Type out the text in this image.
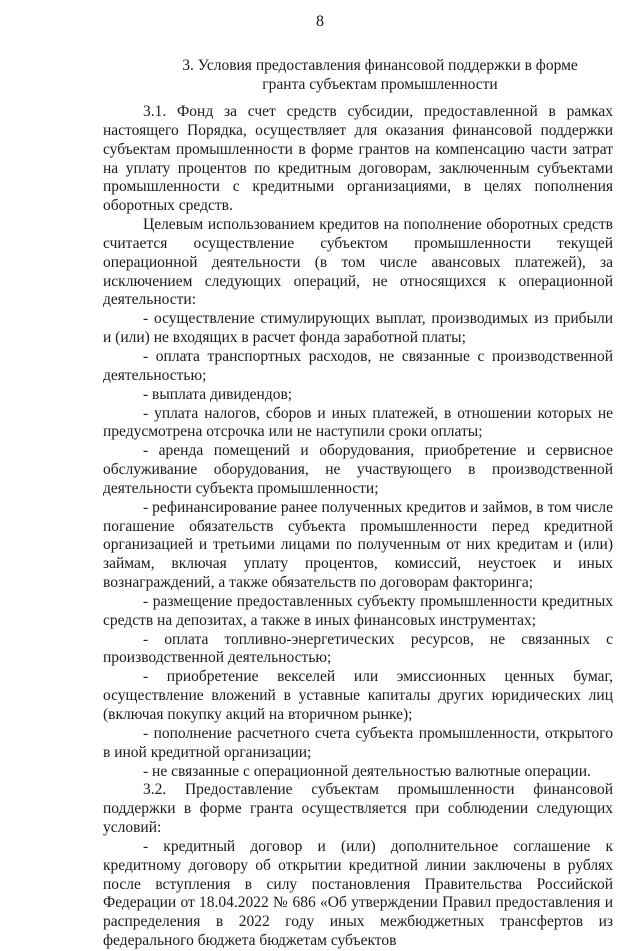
8
3. Условия предоставления финансовой поддержки в форме гранта субъектам промышленности

3.1. Фонд за счет средств субсидии, предоставленной в рамках настоящего Порядка, осуществляет для оказания финансовой поддержки субъектам промышленности в форме грантов на компенсацию части затрат на уплату процентов по кредитным договорам, заключенным субъектами промышленности с кредитными организациями, в целях пополнения оборотных средств.

Целевым использованием кредитов на пополнение оборотных средств считается осуществление субъектом промышленности текущей операционной деятельности (в том числе авансовых платежей), за исключением следующих операций, не относящихся к операционной деятельности:

- осуществление стимулирующих выплат, производимых из прибыли и (или) не входящих в расчет фонда заработной платы;

- оплата транспортных расходов, не связанные с производственной деятельностью;

- выплата дивидендов;

- уплата налогов, сборов и иных платежей, в отношении которых не предусмотрена отсрочка или не наступили сроки оплаты;

- аренда помещений и оборудования, приобретение и сервисное обслуживание оборудования, не участвующего в производственной деятельности субъекта промышленности;

- рефинансирование ранее полученных кредитов и займов, в том числе погашение обязательств субъекта промышленности перед кредитной организацией и третьими лицами по полученным от них кредитам и (или) займам, включая уплату процентов, комиссий, неустоек и иных вознаграждений, а также обязательств по договорам факторинга;

- размещение предоставленных субъекту промышленности кредитных средств на депозитах, а также в иных финансовых инструментах;

- оплата топливно-энергетических ресурсов, не связанных с производственной деятельностью;

- приобретение векселей или эмиссионных ценных бумаг, осуществление вложений в уставные капиталы других юридических лиц (включая покупку акций на вторичном рынке);

- пополнение расчетного счета субъекта промышленности, открытого в иной кредитной организации;

- не связанные с операционной деятельностью валютные операции.

3.2. Предоставление субъектам промышленности финансовой поддержки в форме гранта осуществляется при соблюдении следующих условий:

- кредитный договор и (или) дополнительное соглашение к кредитному договору об открытии кредитной линии заключены в рублях после вступления в силу постановления Правительства Российской Федерации от 18.04.2022 № 686 «Об утверждении Правил предоставления и распределения в 2022 году иных межбюджетных трансфертов из федерального бюджета бюджетам субъектов
